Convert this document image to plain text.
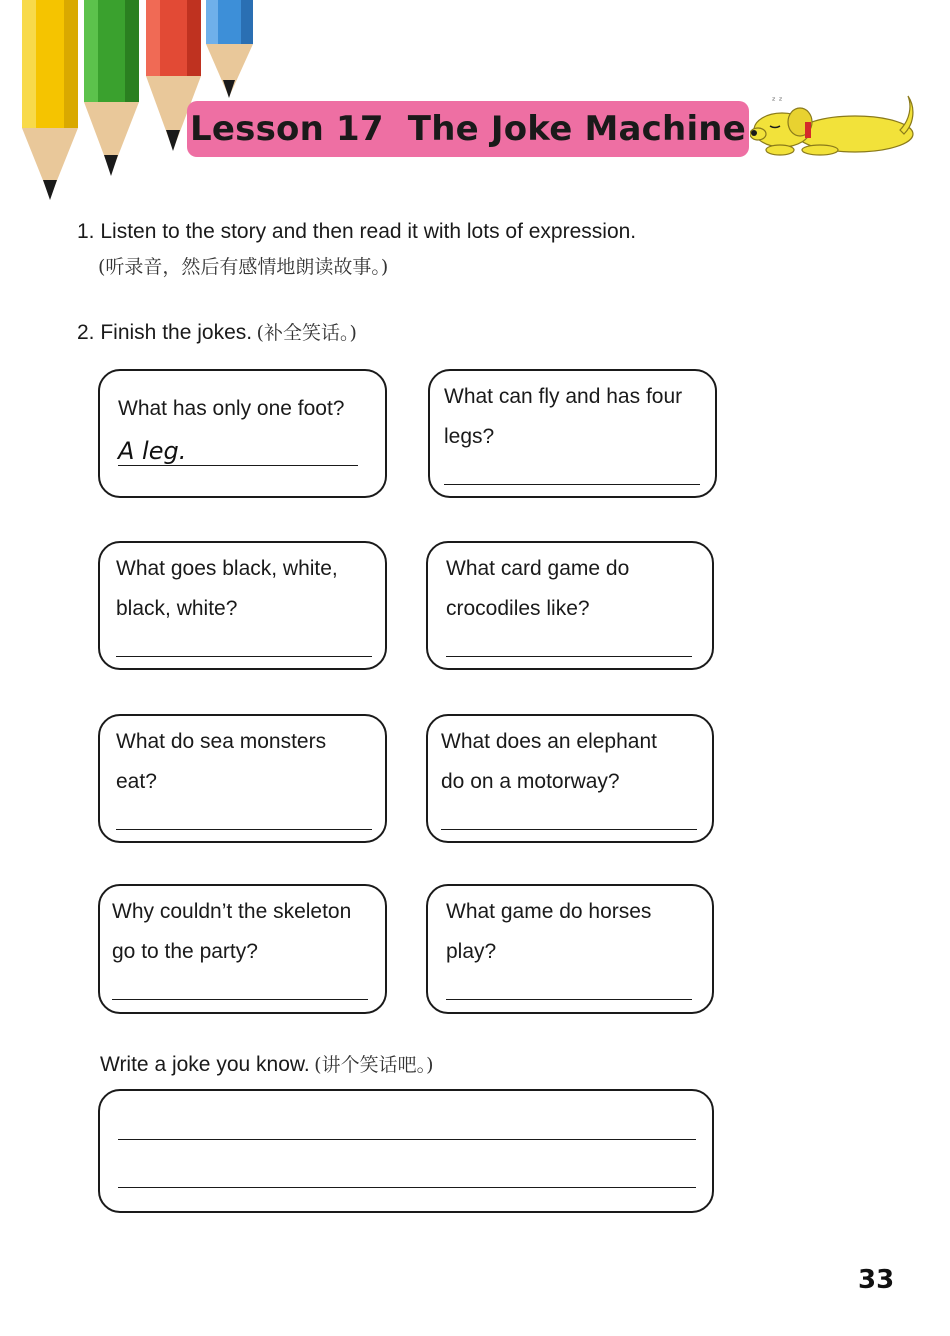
Lesson 17  The Joke Machine
ᶻ ᶻ
1. Listen to the story and then read it with lots of expression.
(听录音，然后有感情地朗读故事。)
2. Finish the jokes. (补全笑话。)
What has only one foot?
A leg.
What can fly and has four
legs?
What goes black, white,
black, white?
What card game do
crocodiles like?
What do sea monsters
eat?
What does an elephant
do on a motorway?
Why couldn’t the skeleton
go to the party?
What game do horses
play?
Write a joke you know. (讲个笑话吧。)
33
